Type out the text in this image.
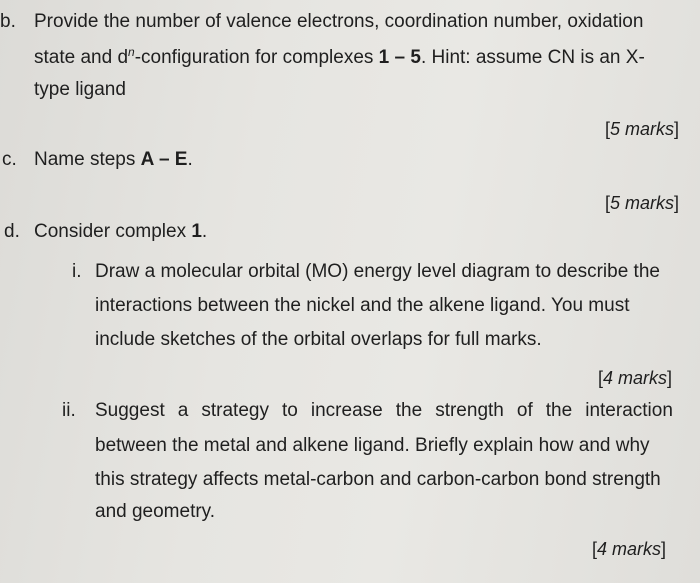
b. Provide the number of valence electrons, coordination number, oxidation
state and $d^n$-configuration for complexes 1 – 5. Hint: assume CN is an X-
type ligand
[5 marks]
c. Name steps A – E.
[5 marks]
d. Consider complex 1.
i. Draw a molecular orbital (MO) energy level diagram to describe the
interactions between the nickel and the alkene ligand. You must
include sketches of the orbital overlaps for full marks.
[4 marks]
ii. Suggest a strategy to increase the strength of the interaction
between the metal and alkene ligand. Briefly explain how and why
this strategy affects metal-carbon and carbon-carbon bond strength
and geometry.
[4 marks]
